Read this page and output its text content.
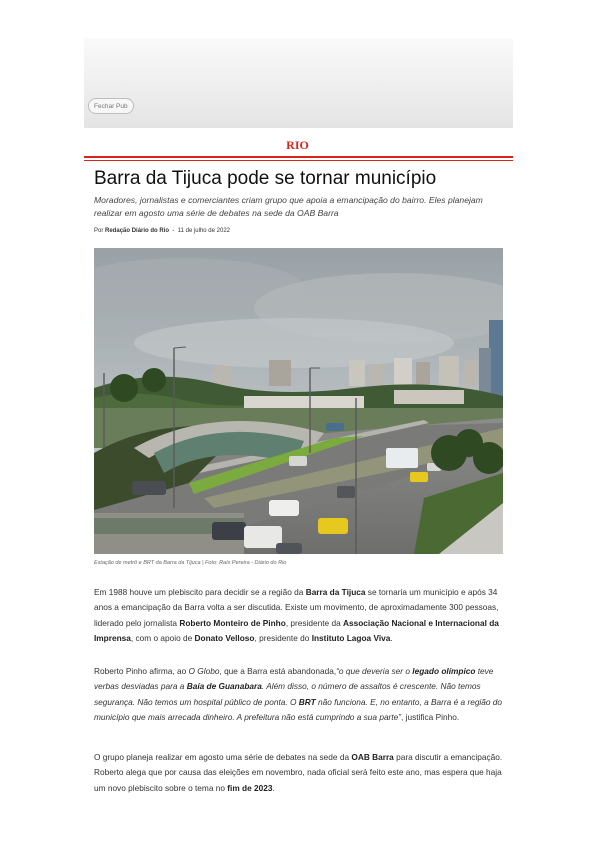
Fechar Pub
RIO
Barra da Tijuca pode se tornar município

Moradores, jornalistas e comerciantes criam grupo que apoia a emancipação do bairro. Eles planejam realizar em agosto uma série de debates na sede da OAB Barra

Por Redação Diário do Rio - 11 de julho de 2022
Estação de metrô e BRT da Barra da Tijuca | Foto: Raís Pereira - Diário do Rio

Em 1988 houve um plebiscito para decidir se a região da Barra da Tijuca se tornaria um município e após 34 anos a emancipação da Barra volta a ser discutida. Existe um movimento, de aproximadamente 300 pessoas, liderado pelo jornalista Roberto Monteiro de Pinho, presidente da Associação Nacional e Internacional da Imprensa, com o apoio de Donato Velloso, presidente do Instituto Lagoa Viva.

Roberto Pinho afirma, ao O Globo, que a Barra está abandonada,“o que deveria ser o legado olímpico teve verbas desviadas para a Baía de Guanabara. Além disso, o número de assaltos é crescente. Não temos segurança. Não temos um hospital público de ponta. O BRT não funciona. E, no entanto, a Barra é a região do município que mais arrecada dinheiro. A prefeitura não está cumprindo a sua parte”, justifica Pinho.

O grupo planeja realizar em agosto uma série de debates na sede da OAB Barra para discutir a emancipação. Roberto alega que por causa das eleições em novembro, nada oficial será feito este ano, mas espera que haja um novo plebiscito sobre o tema no fim de 2023.
